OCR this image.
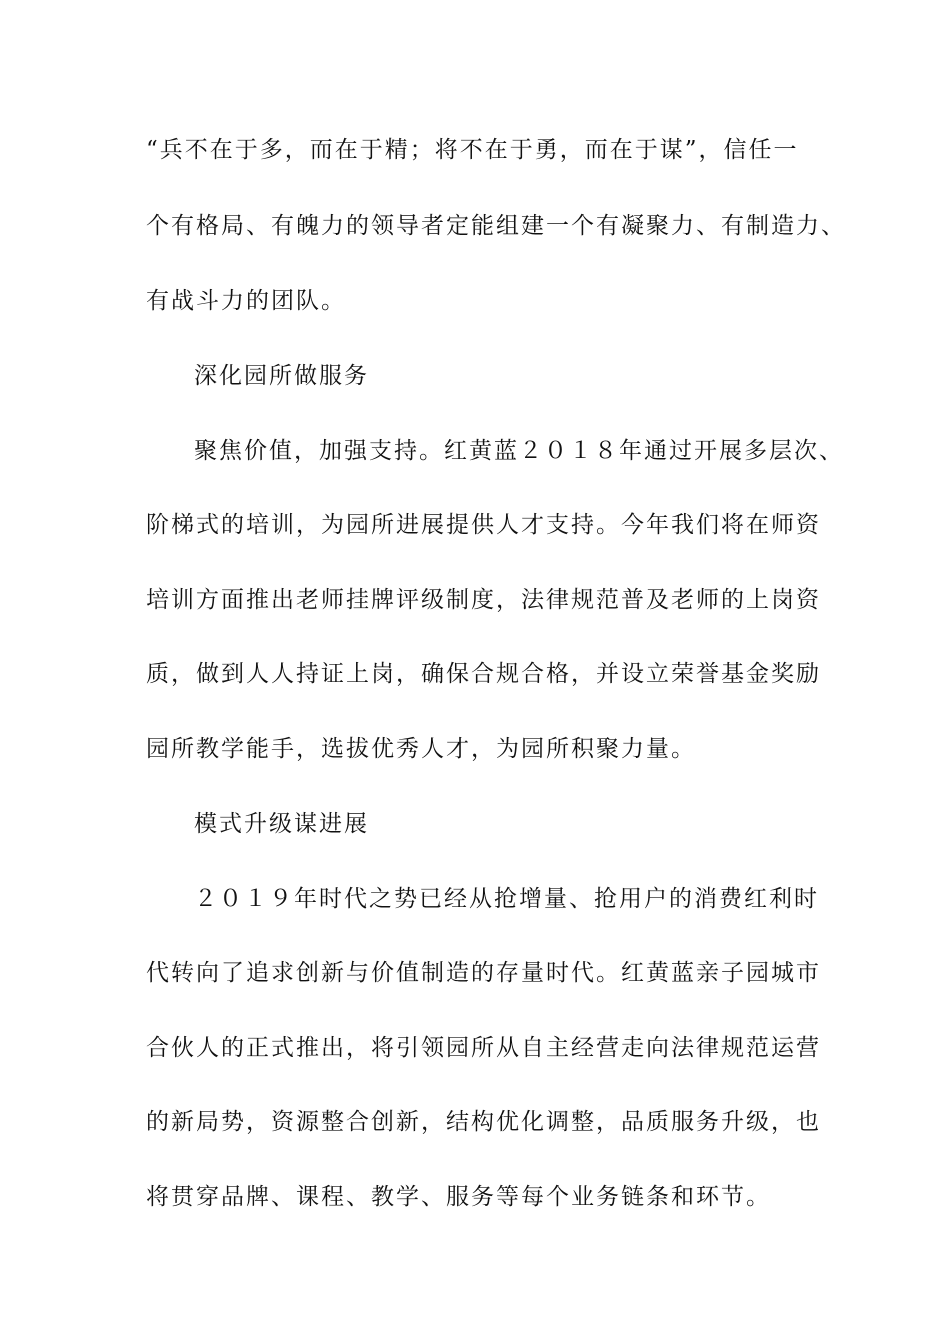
“兵不在于多，而在于精；将不在于勇，而在于谋”，信任一
个有格局、有魄力的领导者定能组建一个有凝聚力、有制造力、
有战斗力的团队。
深化园所做服务
聚焦价值，加强支持。红黄蓝２０１８年通过开展多层次、
阶梯式的培训，为园所进展提供人才支持。今年我们将在师资
培训方面推出老师挂牌评级制度，法律规范普及老师的上岗资
质，做到人人持证上岗，确保合规合格，并设立荣誉基金奖励
园所教学能手，选拔优秀人才，为园所积聚力量。
模式升级谋进展
２０１９年时代之势已经从抢增量、抢用户的消费红利时
代转向了追求创新与价值制造的存量时代。红黄蓝亲子园城市
合伙人的正式推出，将引领园所从自主经营走向法律规范运营
的新局势，资源整合创新，结构优化调整，品质服务升级，也
将贯穿品牌、课程、教学、服务等每个业务链条和环节。
